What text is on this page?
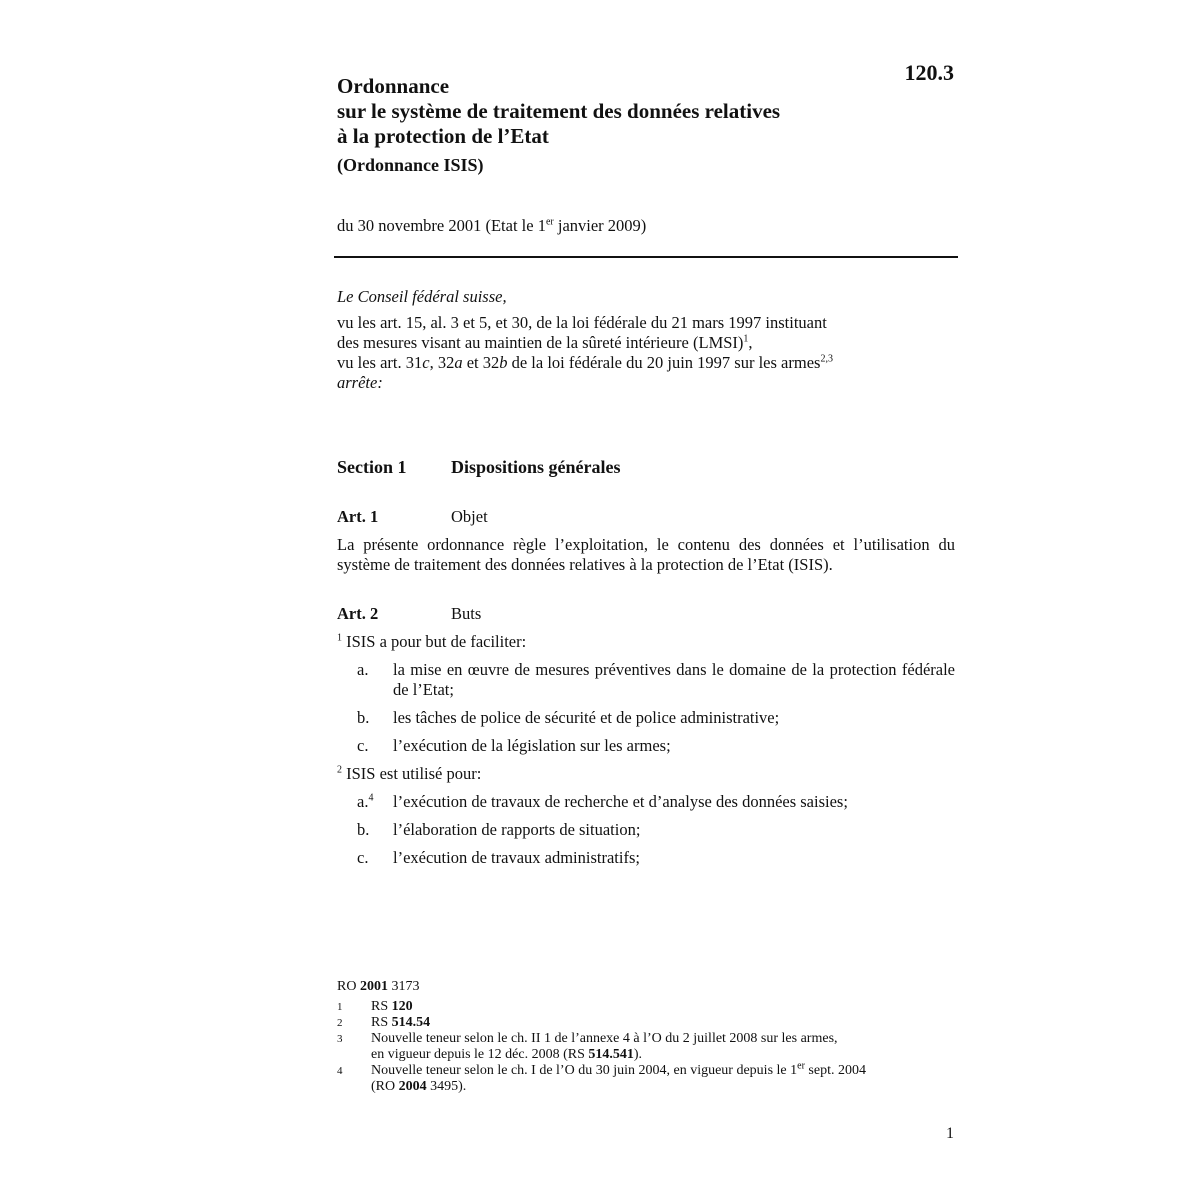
120.3
Ordonnance
sur le système de traitement des données relatives
à la protection de l’Etat
(Ordonnance ISIS)
du 30 novembre 2001 (Etat le 1er janvier 2009)
Le Conseil fédéral suisse,
vu les art. 15, al. 3 et 5, et 30, de la loi fédérale du 21 mars 1997 instituant
des mesures visant au maintien de la sûreté intérieure (LMSI)$^1$,
vu les art. 31c, 32a et 32b de la loi fédérale du 20 juin 1997 sur les armes$^{2,3}$
arrête:
Section 1 Dispositions générales
Art. 1	Objet
La présente ordonnance règle l’exploitation, le contenu des données et l’utilisation du système de traitement des données relatives à la protection de l’Etat (ISIS).
Art. 2	Buts
$^1$ ISIS a pour but de faciliter:
a.	la mise en œuvre de mesures préventives dans le domaine de la protection fédérale de l’Etat;
b.	les tâches de police de sécurité et de police administrative;
c.	l’exécution de la législation sur les armes;
$^2$ ISIS est utilisé pour:
a.$^4$	l’exécution de travaux de recherche et d’analyse des données saisies;
b.	l’élaboration de rapports de situation;
c.	l’exécution de travaux administratifs;
RO 2001 3173
1	RS 120
2	RS 514.54
3	Nouvelle teneur selon le ch. II 1 de l’annexe 4 à l’O du 2 juillet 2008 sur les armes,
en vigueur depuis le 12 déc. 2008 (RS 514.541).
4	Nouvelle teneur selon le ch. I de l’O du 30 juin 2004, en vigueur depuis le 1er sept. 2004
(RO 2004 3495).
1
